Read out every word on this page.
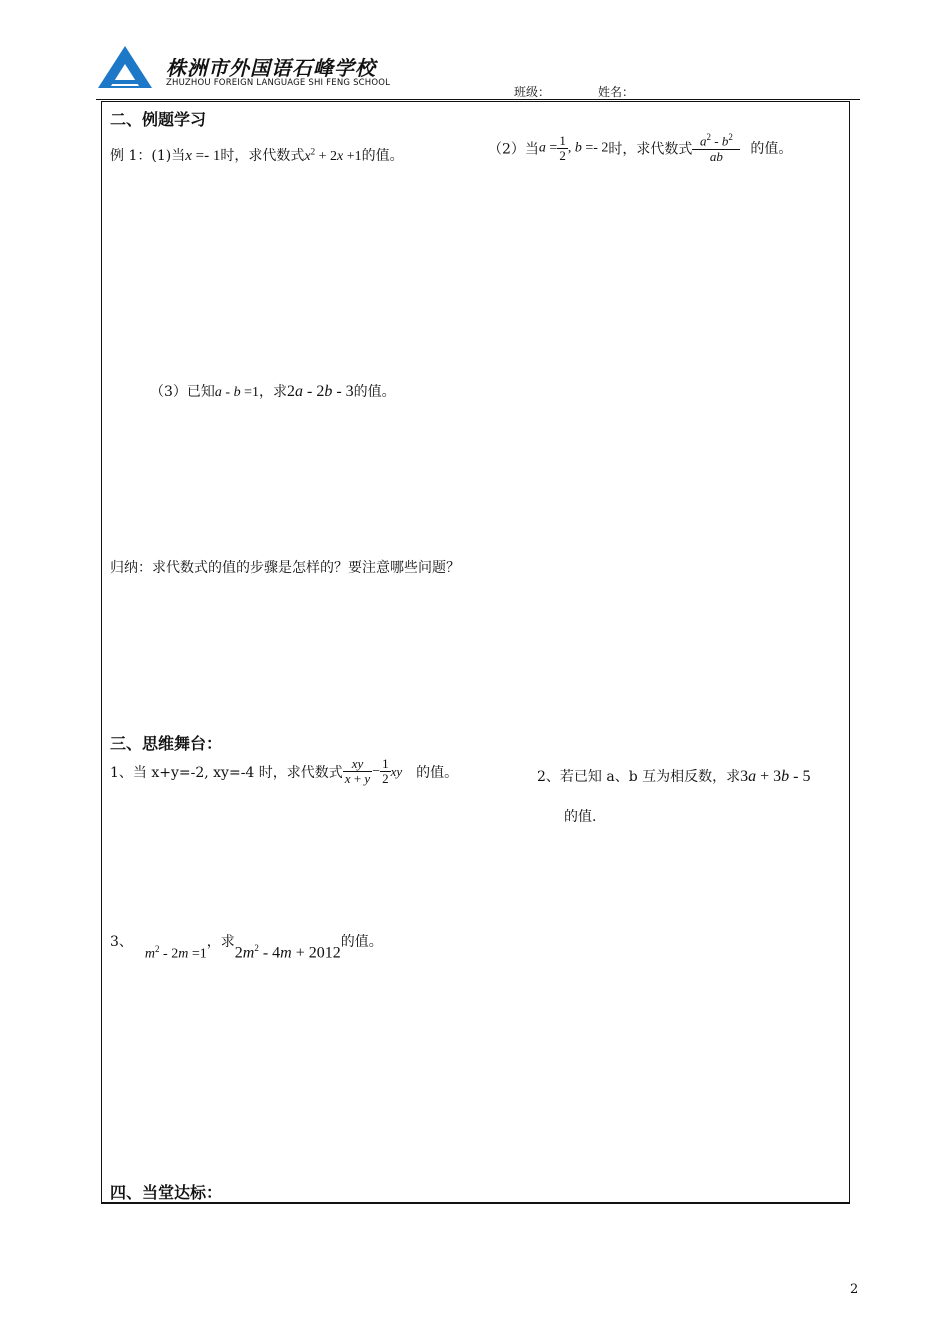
株洲市外国语石峰学校
ZHUZHOU FOREIGN LANGUAGE SHI FENG SCHOOL
班级：	姓名：
二、例题学习
例 1：(1)当x =- 1时，求代数式$x^2 + 2x +1$的值。	（2）当$a = \frac{1}{2}$ , b =- 2时，求代数式 $\frac{a^2 - b^2}{ab}$ 的值。
（3）已知a - b =1，求2a - 2b - 3的值。
归纳：求代数式的值的步骤是怎样的？要注意哪些问题？
三、思维舞台：
1、当 x+y=-2, xy=-4 时，求代数式 $\frac{xy}{x + y} - \frac{1}{2}$ xy 的值。	2、若已知 a、b 互为相反数，求3a + 3b - 5
的值.
3、$m^2 - 2m =1$，求$2m^2 - 4m + 2012$的值。
四、当堂达标：
2
